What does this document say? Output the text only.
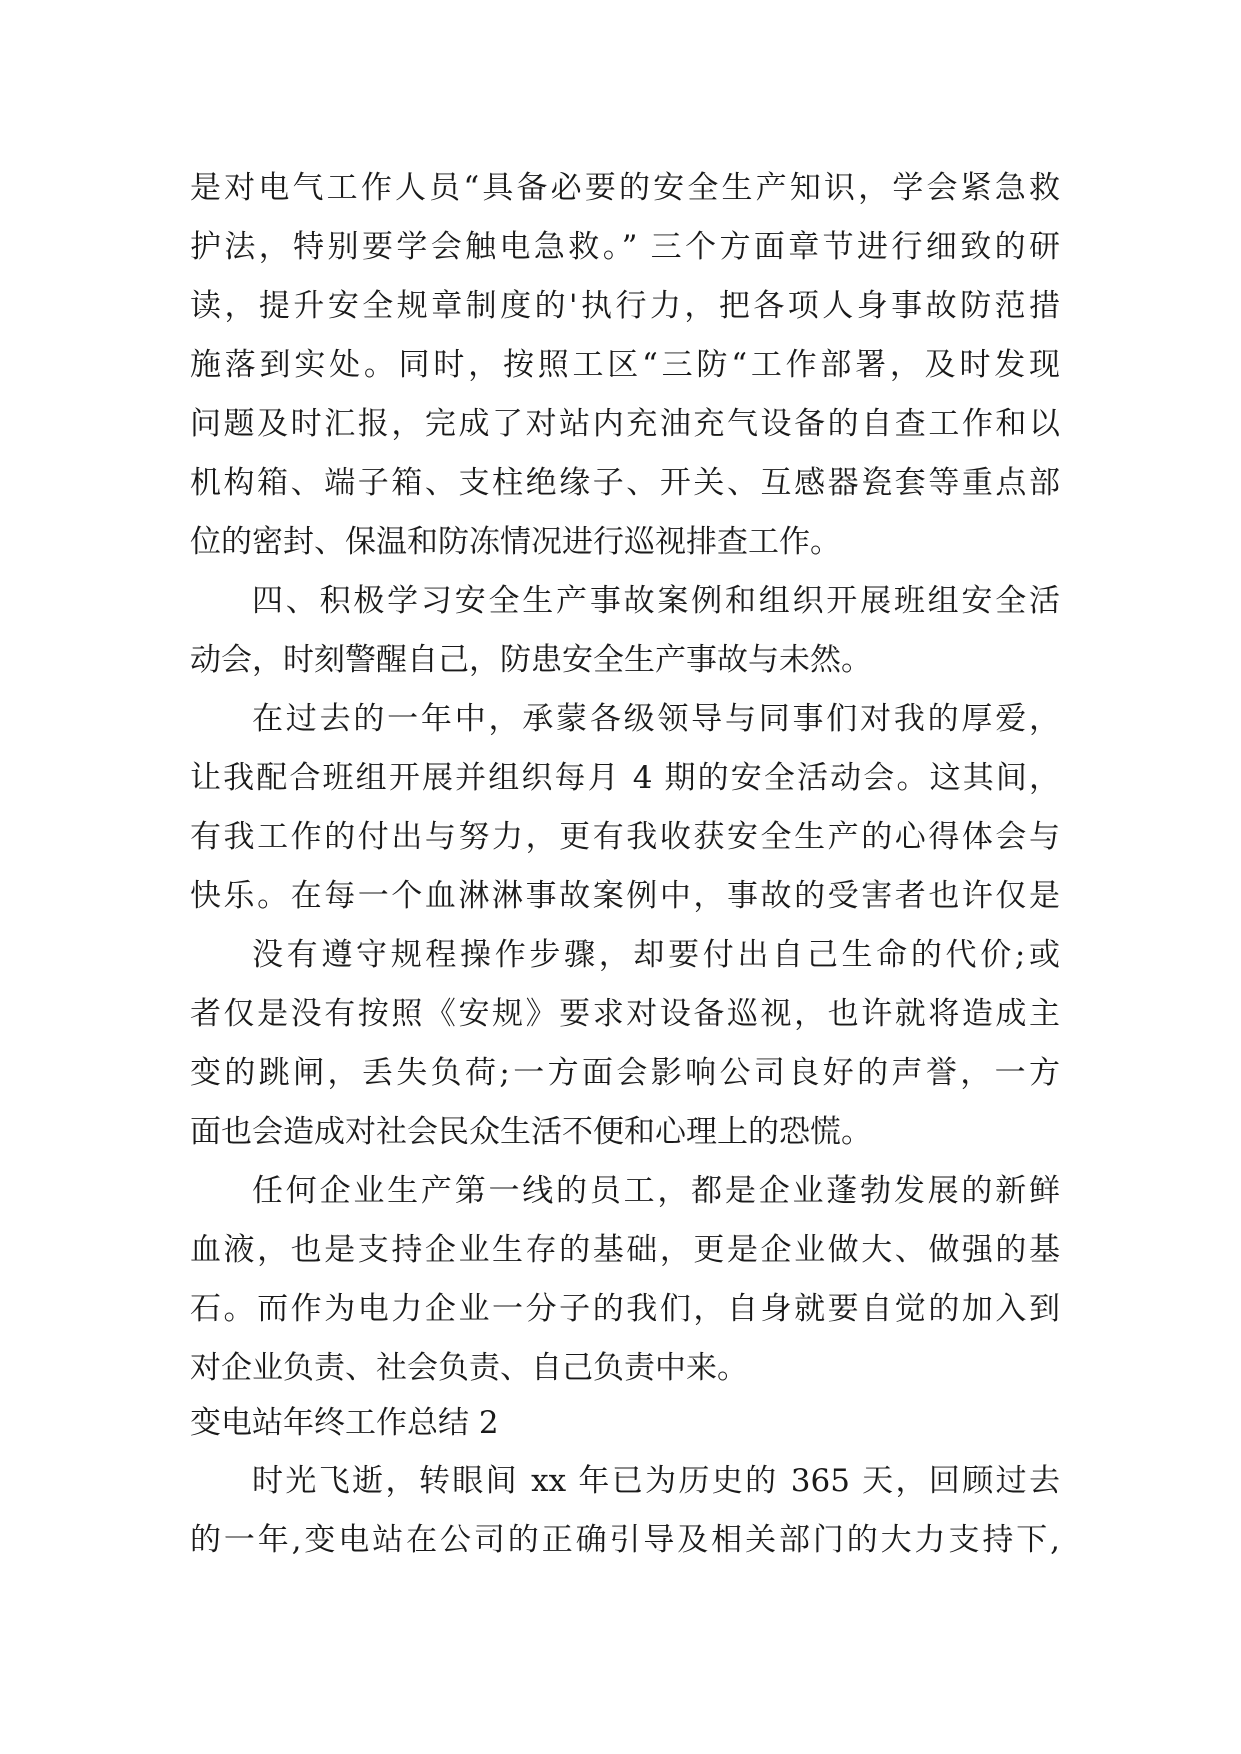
是对电气工作人员“具备必要的安全生产知识，学会紧急救
护法，特别要学会触电急救。” 三个方面章节进行细致的研
读，提升安全规章制度的'执行力，把各项人身事故防范措
施落到实处。同时，按照工区“三防“工作部署，及时发现
问题及时汇报，完成了对站内充油充气设备的自查工作和以
机构箱、端子箱、支柱绝缘子、开关、互感器瓷套等重点部
位的密封、保温和防冻情况进行巡视排查工作。
四、积极学习安全生产事故案例和组织开展班组安全活
动会，时刻警醒自己，防患安全生产事故与未然。
在过去的一年中，承蒙各级领导与同事们对我的厚爱，
让我配合班组开展并组织每月 4 期的安全活动会。这其间，
有我工作的付出与努力，更有我收获安全生产的心得体会与
快乐。在每一个血淋淋事故案例中，事故的受害者也许仅是
没有遵守规程操作步骤，却要付出自己生命的代价;或
者仅是没有按照《安规》要求对设备巡视，也许就将造成主
变的跳闸，丢失负荷;一方面会影响公司良好的声誉，一方
面也会造成对社会民众生活不便和心理上的恐慌。
任何企业生产第一线的员工，都是企业蓬勃发展的新鲜
血液，也是支持企业生存的基础，更是企业做大、做强的基
石。而作为电力企业一分子的我们，自身就要自觉的加入到
对企业负责、社会负责、自己负责中来。
变电站年终工作总结 2
时光飞逝，转眼间 xx 年已为历史的 365 天，回顾过去
的一年,变电站在公司的正确引导及相关部门的大力支持下,
